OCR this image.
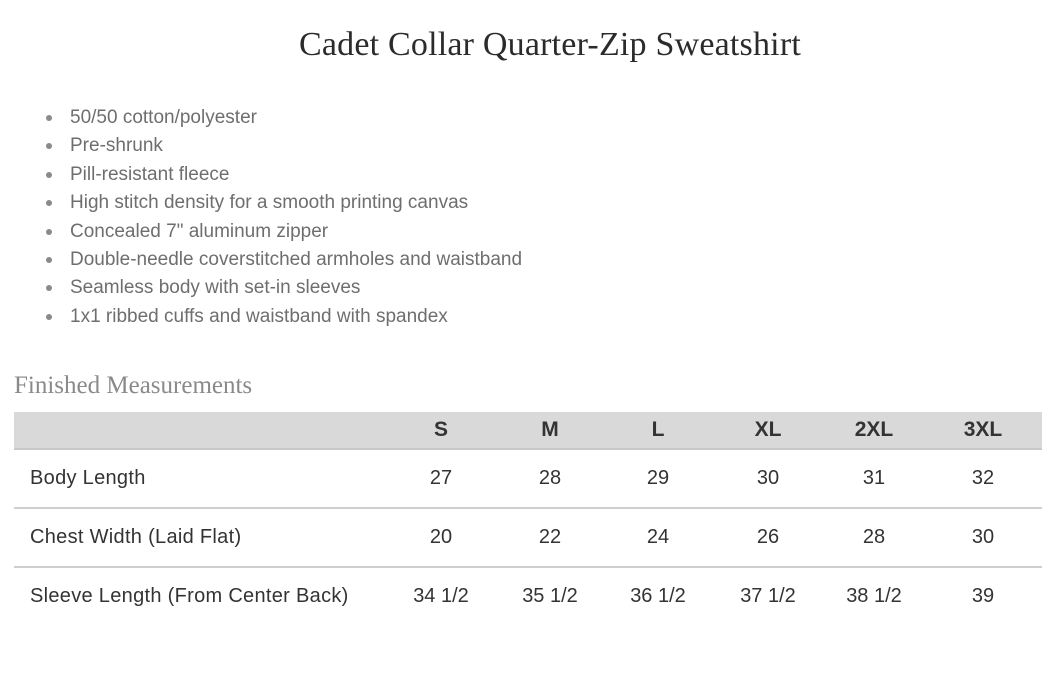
Cadet Collar Quarter-Zip Sweatshirt
50/50 cotton/polyester
Pre-shrunk
Pill-resistant fleece
High stitch density for a smooth printing canvas
Concealed 7" aluminum zipper
Double-needle coverstitched armholes and waistband
Seamless body with set-in sleeves
1x1 ribbed cuffs and waistband with spandex
Finished Measurements
	S	M	L	XL	2XL	3XL
Body Length	27	28	29	30	31	32
Chest Width (Laid Flat)	20	22	24	26	28	30
Sleeve Length (From Center Back)	34 1/2	35 1/2	36 1/2	37 1/2	38 1/2	39
